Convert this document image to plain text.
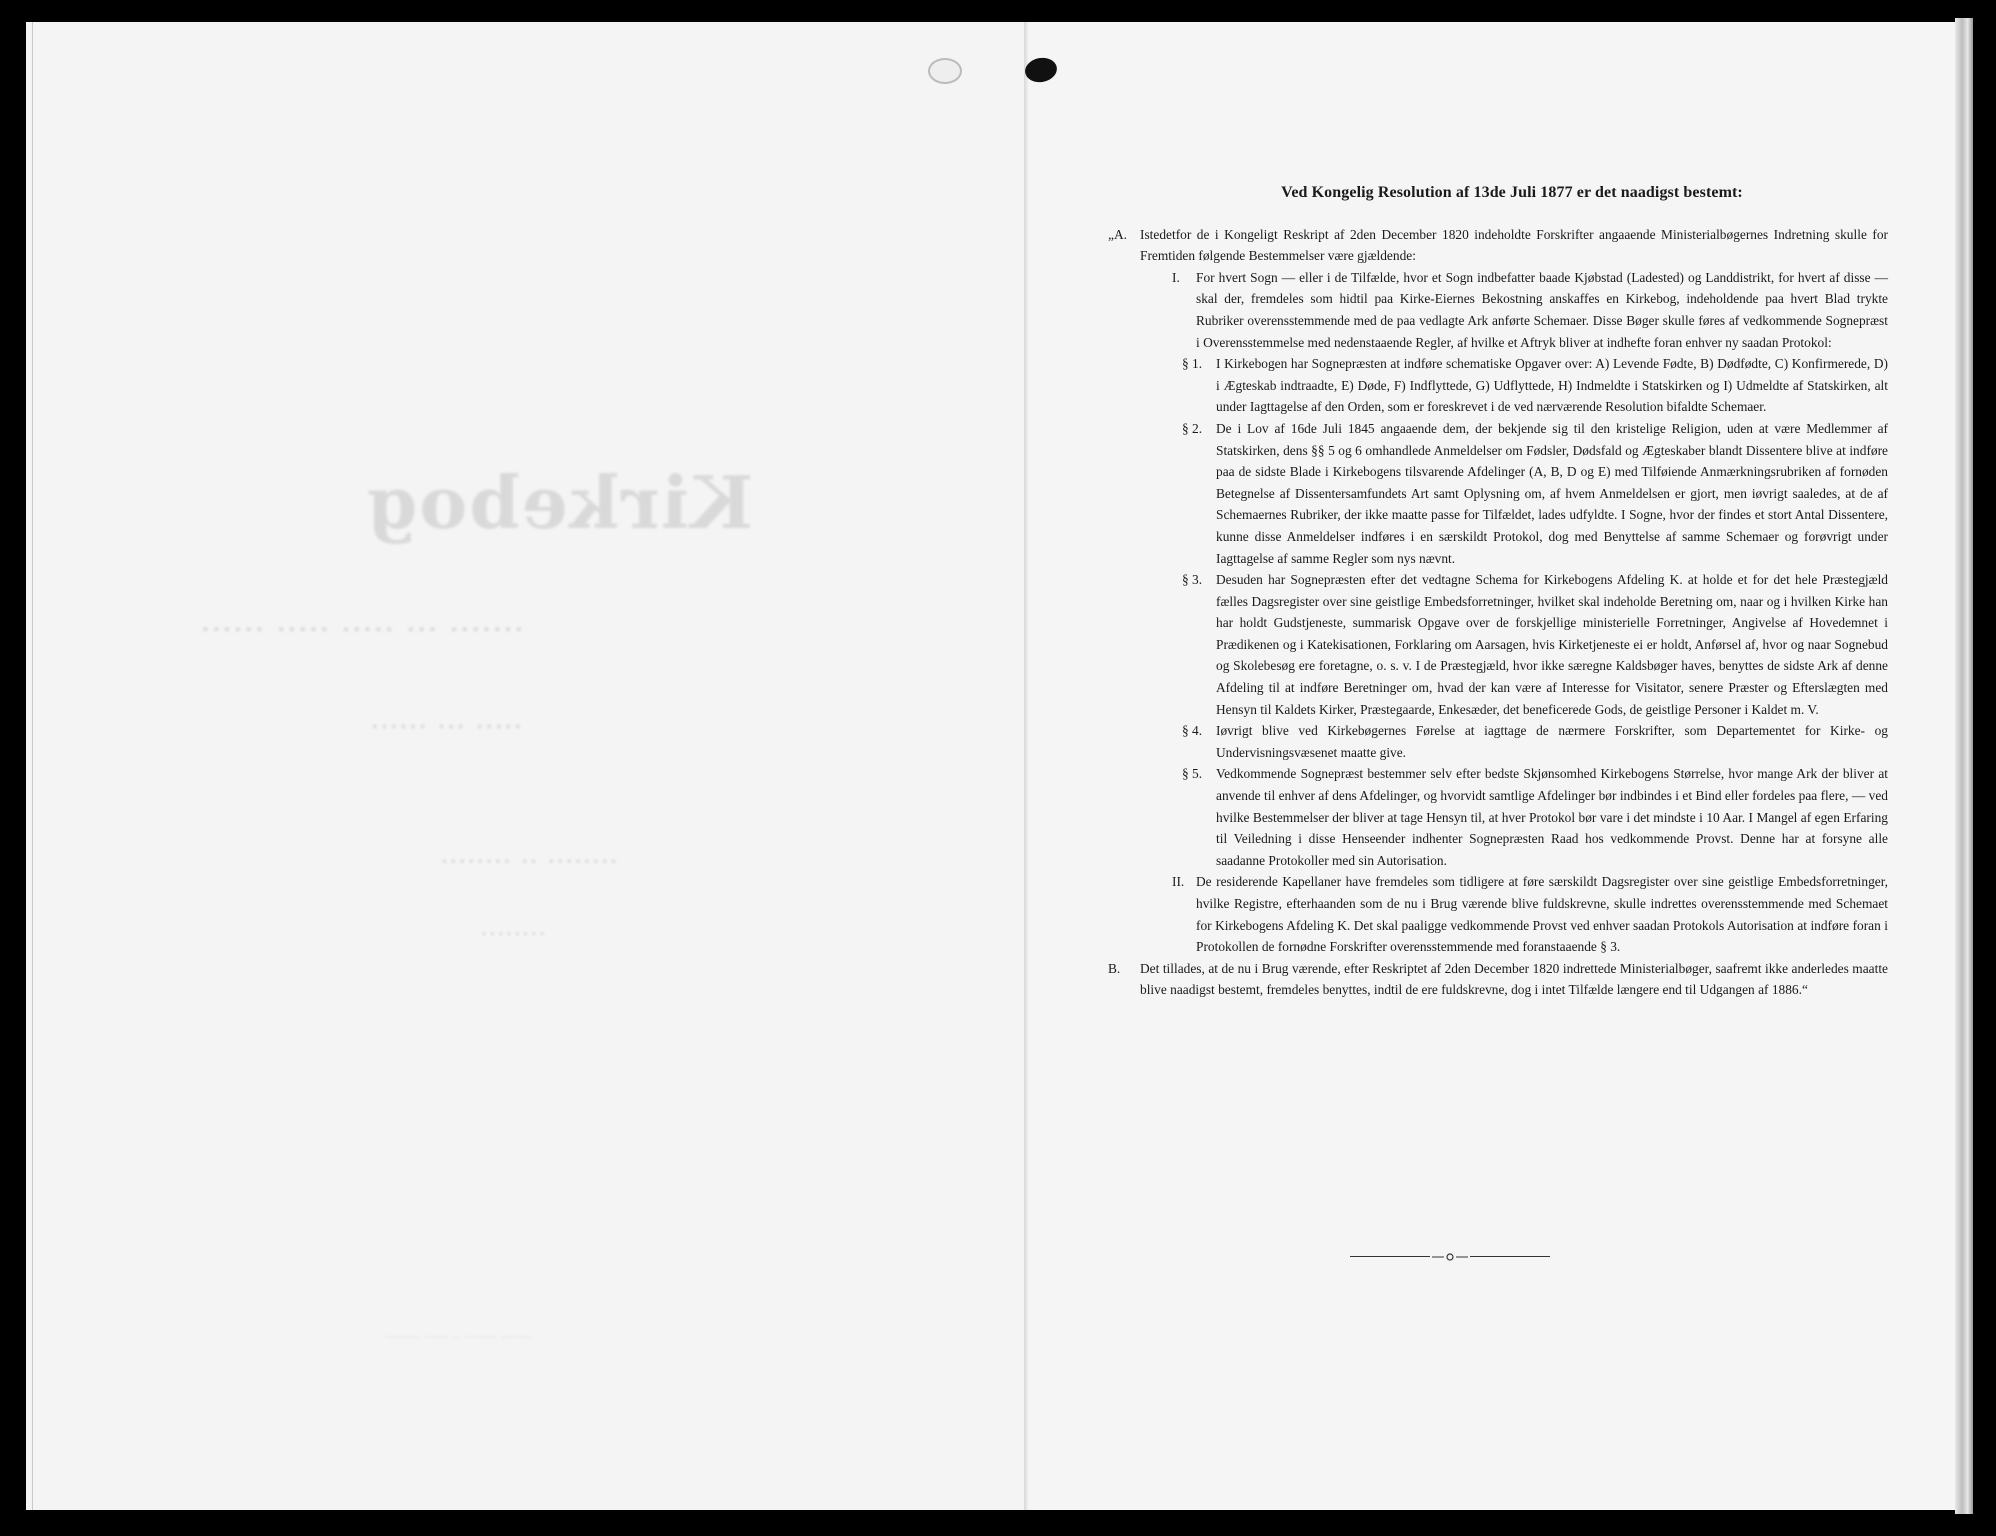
Kirkebog
······· ··· ····· ····· ······
····· ··· ······
········ ·· ········
········
······· ······· ·· ····· ········
Ved Kongelig Resolution af 13de Juli 1877 er det naadigst bestemt:
„A. Istedetfor de i Kongeligt Reskript af 2den December 1820 indeholdte Forskrifter angaaende Ministerialbøgernes Indretning skulle for Fremtiden følgende Bestemmelser være gjældende:
I. For hvert Sogn — eller i de Tilfælde, hvor et Sogn indbefatter baade Kjøbstad (Ladested) og Landdistrikt, for hvert af disse — skal der, fremdeles som hidtil paa Kirke-Eiernes Bekostning anskaffes en Kirkebog, indeholdende paa hvert Blad trykte Rubriker overensstemmende med de paa vedlagte Ark anførte Schemaer. Disse Bøger skulle føres af vedkommende Sognepræst i Overensstemmelse med nedenstaaende Regler, af hvilke et Aftryk bliver at indhefte foran enhver ny saadan Protokol:
§ 1. I Kirkebogen har Sognepræsten at indføre schematiske Opgaver over: A) Levende Fødte, B) Dødfødte, C) Konfirmerede, D) i Ægteskab indtraadte, E) Døde, F) Indflyttede, G) Udflyttede, H) Indmeldte i Statskirken og I) Udmeldte af Statskirken, alt under Iagttagelse af den Orden, som er foreskrevet i de ved nærværende Resolution bifaldte Schemaer.
§ 2. De i Lov af 16de Juli 1845 angaaende dem, der bekjende sig til den kristelige Religion, uden at være Medlemmer af Statskirken, dens §§ 5 og 6 omhandlede Anmeldelser om Fødsler, Dødsfald og Ægteskaber blandt Dissentere blive at indføre paa de sidste Blade i Kirkebogens tilsvarende Afdelinger (A, B, D og E) med Tilføiende Anmærkningsrubriken af fornøden Betegnelse af Dissentersamfundets Art samt Oplysning om, af hvem Anmeldelsen er gjort, men iøvrigt saaledes, at de af Schemaernes Rubriker, der ikke maatte passe for Tilfældet, lades udfyldte. I Sogne, hvor der findes et stort Antal Dissentere, kunne disse Anmeldelser indføres i en særskildt Protokol, dog med Benyttelse af samme Schemaer og forøvrigt under Iagttagelse af samme Regler som nys nævnt.
§ 3. Desuden har Sognepræsten efter det vedtagne Schema for Kirkebogens Afdeling K. at holde et for det hele Præstegjæld fælles Dagsregister over sine geistlige Embedsforretninger, hvilket skal indeholde Beretning om, naar og i hvilken Kirke han har holdt Gudstjeneste, summarisk Opgave over de forskjellige ministerielle Forretninger, Angivelse af Hovedemnet i Prædikenen og i Katekisationen, Forklaring om Aarsagen, hvis Kirketjeneste ei er holdt, Anførsel af, hvor og naar Sognebud og Skolebesøg ere foretagne, o. s. v. I de Præstegjæld, hvor ikke særegne Kaldsbøger haves, benyttes de sidste Ark af denne Afdeling til at indføre Beretninger om, hvad der kan være af Interesse for Visitator, senere Præster og Efterslægten med Hensyn til Kaldets Kirker, Præstegaarde, Enkesæder, det beneficerede Gods, de geistlige Personer i Kaldet m. V.
§ 4. Iøvrigt blive ved Kirkebøgernes Førelse at iagttage de nærmere Forskrifter, som Departementet for Kirke- og Undervisningsvæsenet maatte give.
§ 5. Vedkommende Sognepræst bestemmer selv efter bedste Skjønsomhed Kirkebogens Størrelse, hvor mange Ark der bliver at anvende til enhver af dens Afdelinger, og hvorvidt samtlige Afdelinger bør indbindes i et Bind eller fordeles paa flere, — ved hvilke Bestemmelser der bliver at tage Hensyn til, at hver Protokol bør vare i det mindste i 10 Aar. I Mangel af egen Erfaring til Veiledning i disse Henseender indhenter Sognepræsten Raad hos vedkommende Provst. Denne har at forsyne alle saadanne Protokoller med sin Autorisation.
II. De residerende Kapellaner have fremdeles som tidligere at føre særskildt Dagsregister over sine geistlige Embedsforretninger, hvilke Registre, efterhaanden som de nu i Brug værende blive fuldskrevne, skulle indrettes overensstemmende med Schemaet for Kirkebogens Afdeling K. Det skal paaligge vedkommende Provst ved enhver saadan Protokols Autorisation at indføre foran i Protokollen de fornødne Forskrifter overensstemmende med foranstaaende § 3.
B. Det tillades, at de nu i Brug værende, efter Reskriptet af 2den December 1820 indrettede Ministerialbøger, saafremt ikke anderledes maatte blive naadigst bestemt, fremdeles benyttes, indtil de ere fuldskrevne, dog i intet Tilfælde længere end til Udgangen af 1886.“
